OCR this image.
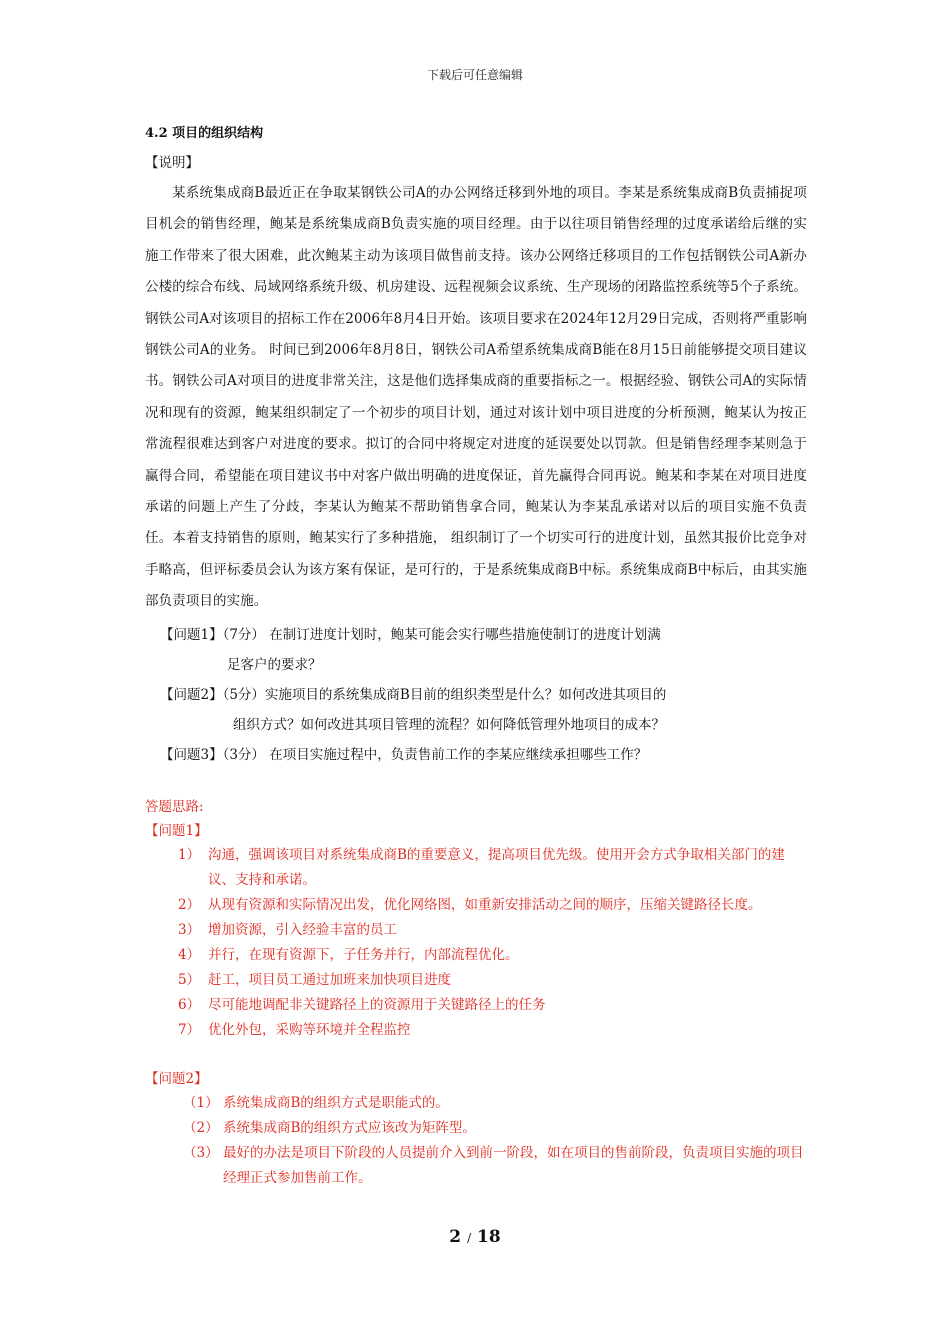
下载后可任意编辑

4.2 项目的组织结构

【说明】
某系统集成商B最近正在争取某钢铁公司A的办公网络迁移到外地的项目。李某是系统集成商B负责捕捉项目机会的销售经理，鲍某是系统集成商B负责实施的项目经理。由于以往项目销售经理的过度承诺给后继的实施工作带来了很大困难，此次鲍某主动为该项目做售前支持。该办公网络迁移项目的工作包括钢铁公司A新办公楼的综合布线、局域网络系统升级、机房建设、远程视频会议系统、生产现场的闭路监控系统等5个子系统。钢铁公司A对该项目的招标工作在2006年8月4日开始。该项目要求在2024年12月29日完成，否则将严重影响钢铁公司A的业务。 时间已到2006年8月8日，钢铁公司A希望系统集成商B能在8月15日前能够提交项目建议书。钢铁公司A对项目的进度非常关注，这是他们选择集成商的重要指标之一。根据经验、钢铁公司A的实际情况和现有的资源，鲍某组织制定了一个初步的项目计划，通过对该计划中项目进度的分析预测，鲍某认为按正常流程很难达到客户对进度的要求。拟订的合同中将规定对进度的延误要处以罚款。但是销售经理李某则急于赢得合同，希望能在项目建议书中对客户做出明确的进度保证，首先赢得合同再说。鲍某和李某在对项目进度承诺的问题上产生了分歧，李某认为鲍某不帮助销售拿合同，鲍某认为李某乱承诺对以后的项目实施不负责任。本着支持销售的原则，鲍某实行了多种措施， 组织制订了一个切实可行的进度计划，虽然其报价比竞争对手略高，但评标委员会认为该方案有保证，是可行的，于是系统集成商B中标。系统集成商B中标后，由其实施部负责项目的实施。
【问题1】（7分） 在制订进度计划时，鲍某可能会实行哪些措施使制订的进度计划满
足客户的要求？
【问题2】（5分）实施项目的系统集成商B目前的组织类型是什么？如何改进其项目的
组织方式？如何改进其项目管理的流程？如何降低管理外地项目的成本？
【问题3】（3分） 在项目实施过程中，负责售前工作的李某应继续承担哪些工作？
答题思路:
【问题1】
1） 沟通，强调该项目对系统集成商B的重要意义，提高项目优先级。使用开会方式争取相关部门的建议、支持和承诺。
2） 从现有资源和实际情况出发，优化网络图，如重新安排活动之间的顺序，压缩关键路径长度。
3） 增加资源，引入经验丰富的员工
4） 并行，在现有资源下，子任务并行，内部流程优化。
5） 赶工，项目员工通过加班来加快项目进度
6） 尽可能地调配非关键路径上的资源用于关键路径上的任务
7） 优化外包，采购等环境并全程监控
【问题2】
（1） 系统集成商B的组织方式是职能式的。
（2） 系统集成商B的组织方式应该改为矩阵型。
（3） 最好的办法是项目下阶段的人员提前介入到前一阶段，如在项目的售前阶段，负责项目实施的项目经理正式参加售前工作。
2 / 18
